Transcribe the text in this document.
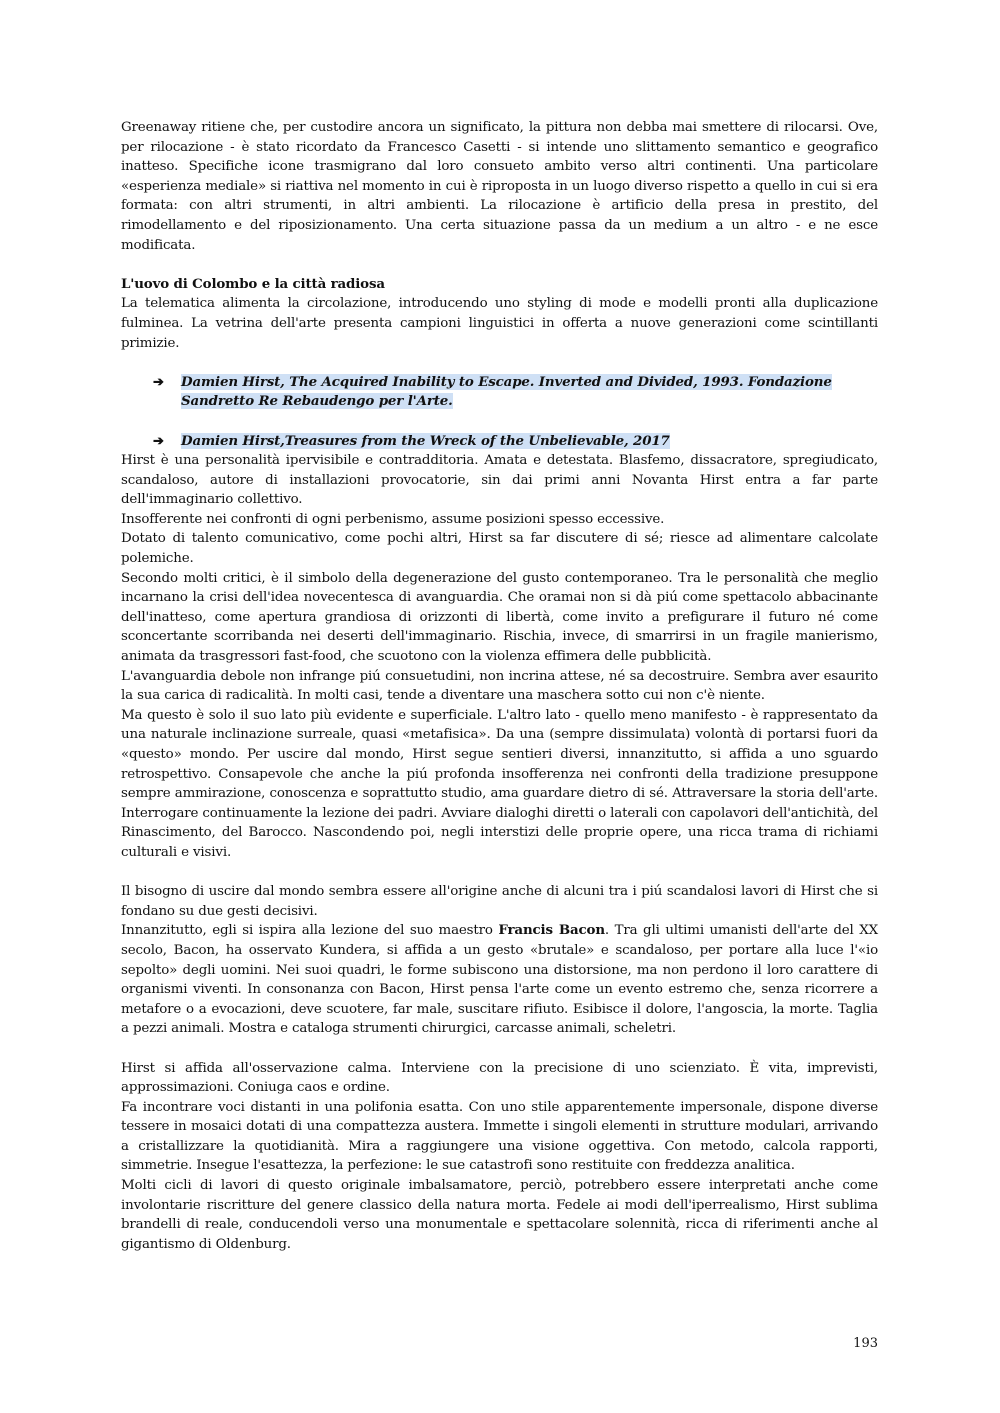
Greenaway ritiene che, per custodire ancora un significato, la pittura non debba mai smettere di rilocarsi. Ove, per rilocazione - è stato ricordato da Francesco Casetti - si intende uno slittamento semantico e geografico inatteso. Specifiche icone trasmigrano dal loro consueto ambito verso altri continenti. Una particolare «esperienza mediale» si riattiva nel momento in cui è riproposta in un luogo diverso rispetto a quello in cui si era formata: con altri strumenti, in altri ambienti. La rilocazione è artificio della presa in prestito, del rimodellamento e del riposizionamento. Una certa situazione passa da un medium a un altro - e ne esce modificata.

L'uovo di Colombo e la città radiosa

La telematica alimenta la circolazione, introducendo uno styling di mode e modelli pronti alla duplicazione fulminea. La vetrina dell'arte presenta campioni linguistici in offerta a nuove generazioni come scintillanti primizie.

➔	Damien Hirst, The Acquired Inability to Escape. Inverted and Divided, 1993. Fondazione Sandretto Re Rebaudengo per l'Arte.
➔	Damien Hirst,Treasures from the Wreck of the Unbelievable, 2017

Hirst è una personalità ipervisibile e contradditoria. Amata e detestata. Blasfemo, dissacratore, spregiudicato, scandaloso, autore di installazioni provocatorie, sin dai primi anni Novanta Hirst entra a far parte dell'immaginario collettivo.

Insofferente nei confronti di ogni perbenismo, assume posizioni spesso eccessive.

Dotato di talento comunicativo, come pochi altri, Hirst sa far discutere di sé; riesce ad alimentare calcolate polemiche.

Secondo molti critici, è il simbolo della degenerazione del gusto contemporaneo. Tra le personalità che meglio incarnano la crisi dell'idea novecentesca di avanguardia. Che oramai non si dà piú come spettacolo abbacinante dell'inatteso, come apertura grandiosa di orizzonti di libertà, come invito a prefigurare il futuro né come sconcertante scorribanda nei deserti dell'immaginario. Rischia, invece, di smarrirsi in un fragile manierismo, animata da trasgressori fast-food, che scuotono con la violenza effimera delle pubblicità.

L'avanguardia debole non infrange piú consuetudini, non incrina attese, né sa decostruire. Sembra aver esaurito la sua carica di radicalità. In molti casi, tende a diventare una maschera sotto cui non c'è niente.

Ma questo è solo il suo lato più evidente e superficiale. L'altro lato - quello meno manifesto - è rappresentato da una naturale inclinazione surreale, quasi «metafisica». Da una (sempre dissimulata) volontà di portarsi fuori da «questo» mondo. Per uscire dal mondo, Hirst segue sentieri diversi, innanzitutto, si affida a uno sguardo retrospettivo. Consapevole che anche la piú profonda insofferenza nei confronti della tradizione presuppone sempre ammirazione, conoscenza e soprattutto studio, ama guardare dietro di sé. Attraversare la storia dell'arte. Interrogare continuamente la lezione dei padri. Avviare dialoghi diretti o laterali con capolavori dell'antichità, del Rinascimento, del Barocco. Nascondendo poi, negli interstizi delle proprie opere, una ricca trama di richiami culturali e visivi.

Il bisogno di uscire dal mondo sembra essere all'origine anche di alcuni tra i piú scandalosi lavori di Hirst che si fondano su due gesti decisivi.

Innanzitutto, egli si ispira alla lezione del suo maestro Francis Bacon. Tra gli ultimi umanisti dell'arte del XX secolo, Bacon, ha osservato Kundera, si affida a un gesto «brutale» e scandaloso, per portare alla luce l'«io sepolto» degli uomini. Nei suoi quadri, le forme subiscono una distorsione, ma non perdono il loro carattere di organismi viventi. In consonanza con Bacon, Hirst pensa l'arte come un evento estremo che, senza ricorrere a metafore o a evocazioni, deve scuotere, far male, suscitare rifiuto. Esibisce il dolore, l'angoscia, la morte. Taglia a pezzi animali. Mostra e cataloga strumenti chirurgici, carcasse animali, scheletri.

Hirst si affida all'osservazione calma. Interviene con la precisione di uno scienziato. È vita, imprevisti, approssimazioni. Coniuga caos e ordine.

Fa incontrare voci distanti in una polifonia esatta. Con uno stile apparentemente impersonale, dispone diverse tessere in mosaici dotati di una compattezza austera. Immette i singoli elementi in strutture modulari, arrivando a cristallizzare la quotidianità. Mira a raggiungere una visione oggettiva. Con metodo, calcola rapporti, simmetrie. Insegue l'esattezza, la perfezione: le sue catastrofi sono restituite con freddezza analitica.

Molti cicli di lavori di questo originale imbalsamatore, perciò, potrebbero essere interpretati anche come involontarie riscritture del genere classico della natura morta. Fedele ai modi dell'iperrealismo, Hirst sublima brandelli di reale, conducendoli verso una monumentale e spettacolare solennità, ricca di riferimenti anche al gigantismo di Oldenburg.

193
